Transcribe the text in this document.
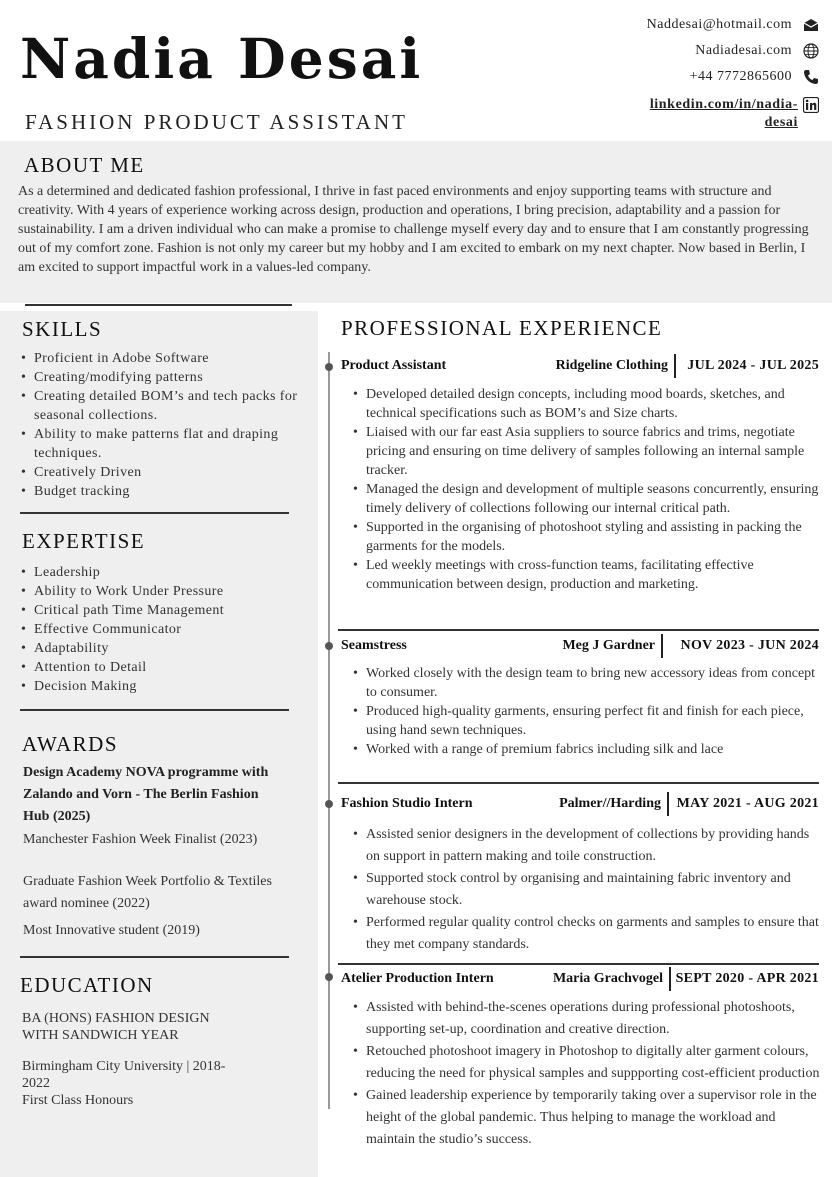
Nadia Desai
FASHION PRODUCT ASSISTANT
Naddesai@hotmail.com
Nadiadesai.com
+44 7772865600
linkedin.com/in/nadia-
desai
ABOUT ME

As a determined and dedicated fashion professional, I thrive in fast paced environments and enjoy supporting teams with structure and creativity. With 4 years of experience working across design, production and operations, I bring precision, adaptability and a passion for sustainability. I am a driven individual who can make a promise to challenge myself every day and to ensure that I am constantly progressing out of my comfort zone. Fashion is not only my career but my hobby and I am excited to embark on my next chapter. Now based in Berlin, I am excited to support impactful work in a values-led company.

SKILLS
• Proficient in Adobe Software
• Creating/modifying patterns
• Creating detailed BOM’s and tech packs for seasonal collections.
• Ability to make patterns flat and draping techniques.
• Creatively Driven
• Budget tracking
EXPERTISE
• Leadership
• Ability to Work Under Pressure
• Critical path Time Management
• Effective Communicator
• Adaptability
• Attention to Detail
• Decision Making
AWARDS
Design Academy NOVA programme with Zalando and Vorn - The Berlin Fashion Hub (2025)
Manchester Fashion Week Finalist (2023)
Graduate Fashion Week Portfolio & Textiles award nominee (2022)
Most Innovative student (2019)
EDUCATION
BA (HONS) FASHION DESIGN WITH SANDWICH YEAR
Birmingham City University | 2018-2022
First Class Honours
PROFESSIONAL EXPERIENCE
Product Assistant	Ridgeline Clothing JUL 2024 - JUL 2025
• Developed detailed design concepts, including mood boards, sketches, and technical specifications such as BOM’s and Size charts.
• Liaised with our far east Asia suppliers to source fabrics and trims, negotiate pricing and ensuring on time delivery of samples following an internal sample tracker.
• Managed the design and development of multiple seasons concurrently, ensuring timely delivery of collections following our internal critical path.
• Supported in the organising of photoshoot styling and assisting in packing the garments for the models.
• Led weekly meetings with cross-function teams, facilitating effective communication between design, production and marketing.
Seamstress	Meg J Gardner NOV 2023 - JUN 2024
• Worked closely with the design team to bring new accessory ideas from concept to consumer.
• Produced high-quality garments, ensuring perfect fit and finish for each piece, using hand sewn techniques.
• Worked with a range of premium fabrics including silk and lace
Fashion Studio Intern	Palmer//Harding MAY 2021 - AUG 2021
• Assisted senior designers in the development of collections by providing hands on support in pattern making and toile construction.
• Supported stock control by organising and maintaining fabric inventory and warehouse stock.
• Performed regular quality control checks on garments and samples to ensure that they met company standards.
Atelier Production Intern	Maria Grachvogel SEPT 2020 - APR 2021
• Assisted with behind-the-scenes operations during professional photoshoots, supporting set-up, coordination and creative direction.
• Retouched photoshoot imagery in Photoshop to digitally alter garment colours, reducing the need for physical samples and suppporting cost-efficient production
• Gained leadership experience by temporarily taking over a supervisor role in the height of the global pandemic. Thus helping to manage the workload and maintain the studio’s success.
